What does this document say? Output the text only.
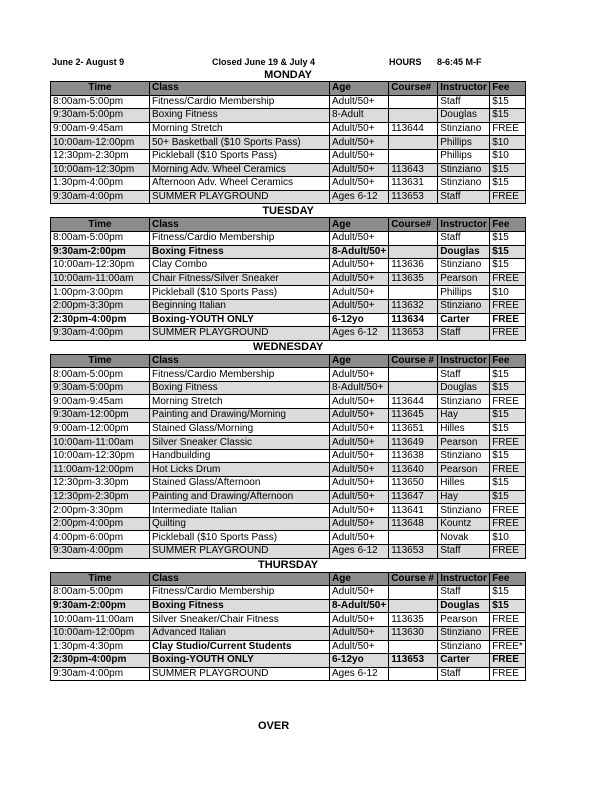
June 2- August 9	Closed June 19 & July 4	HOURS 8-6:45 M-F
MONDAY					
Time	Class	Age	Course#	Instructor	Fee
8:00am-5:00pm	Fitness/Cardio Membership	Adult/50+		Staff	$15
9:30am-5:00pm	Boxing Fitness	8-Adult		Douglas	$15
9:00am-9:45am	Morning Stretch	Adult/50+	113644	Stinziano	FREE
10:00am-12:00pm	50+ Basketball ($10 Sports Pass)	Adult/50+		Phillips	$10
12:30pm-2:30pm	Pickleball ($10 Sports Pass)	Adult/50+		Phillips	$10
10:00am-12:30pm	Morning Adv. Wheel Ceramics	Adult/50+	113643	Stinziano	$15
1:30pm-4:00pm	Afternoon Adv. Wheel Ceramics	Adult/50+	113631	Stinziano	$15
9:30am-4:00pm	SUMMER PLAYGROUND	Ages 6-12	113653	Staff	FREE
TUESDAY					
Time	Class	Age	Course#	Instructor	Fee
8:00am-5:00pm	Fitness/Cardio Membership	Adult/50+		Staff	$15
9:30am-2:00pm	Boxing Fitness	8-Adult/50+		Douglas	$15
10:00am-12:30pm	Clay Combo	Adult/50+	113636	Stinziano	$15
10:00am-11:00am	Chair Fitness/Silver Sneaker	Adult/50+	113635	Pearson	FREE
1:00pm-3:00pm	Pickleball ($10 Sports Pass)	Adult/50+		Phillips	$10
2:00pm-3:30pm	Beginning Italian	Adult/50+	113632	Stinziano	FREE
2:30pm-4:00pm	Boxing-YOUTH ONLY	6-12yo	113634	Carter	FREE
9:30am-4:00pm	SUMMER PLAYGROUND	Ages 6-12	113653	Staff	FREE
WEDNESDAY					
Time	Class	Age	Course #	Instructor	Fee
8:00am-5:00pm	Fitness/Cardio Membership	Adult/50+		Staff	$15
9:30am-5:00pm	Boxing Fitness	8-Adult/50+		Douglas	$15
9:00am-9:45am	Morning Stretch	Adult/50+	113644	Stinziano	FREE
9:30am-12:00pm	Painting and Drawing/Morning	Adult/50+	113645	Hay	$15
9:00am-12:00pm	Stained Glass/Morning	Adult/50+	113651	Hilles	$15
10:00am-11:00am	Silver Sneaker Classic	Adult/50+	113649	Pearson	FREE
10:00am-12:30pm	Handbuilding	Adult/50+	113638	Stinziano	$15
11:00am-12:00pm	Hot Licks Drum	Adult/50+	113640	Pearson	FREE
12:30pm-3:30pm	Stained Glass/Afternoon	Adult/50+	113650	Hilles	$15
12:30pm-2:30pm	Painting and Drawing/Afternoon	Adult/50+	113647	Hay	$15
2:00pm-3:30pm	Intermediate Italian	Adult/50+	113641	Stinziano	FREE
2:00pm-4:00pm	Quilting	Adult/50+	113648	Kountz	FREE
4:00pm-6:00pm	Pickleball ($10 Sports Pass)	Adult/50+		Novak	$10
9:30am-4:00pm	SUMMER PLAYGROUND	Ages 6-12	113653	Staff	FREE
THURSDAY					
Time	Class	Age	Course #	Instructor	Fee
8:00am-5:00pm	Fitness/Cardio Membership	Adult/50+		Staff	$15
9:30am-2:00pm	Boxing Fitness	8-Adult/50+		Douglas	$15
10:00am-11:00am	Silver Sneaker/Chair Fitness	Adult/50+	113635	Pearson	FREE
10:00am-12:00pm	Advanced Italian	Adult/50+	113630	Stinziano	FREE
1:30pm-4:30pm	Clay Studio/Current Students	Adult/50+		Stinziano	FREE*
2:30pm-4:00pm	Boxing-YOUTH ONLY	6-12yo	113653	Carter	FREE
9:30am-4:00pm	SUMMER PLAYGROUND	Ages 6-12		Staff	FREE
OVER
